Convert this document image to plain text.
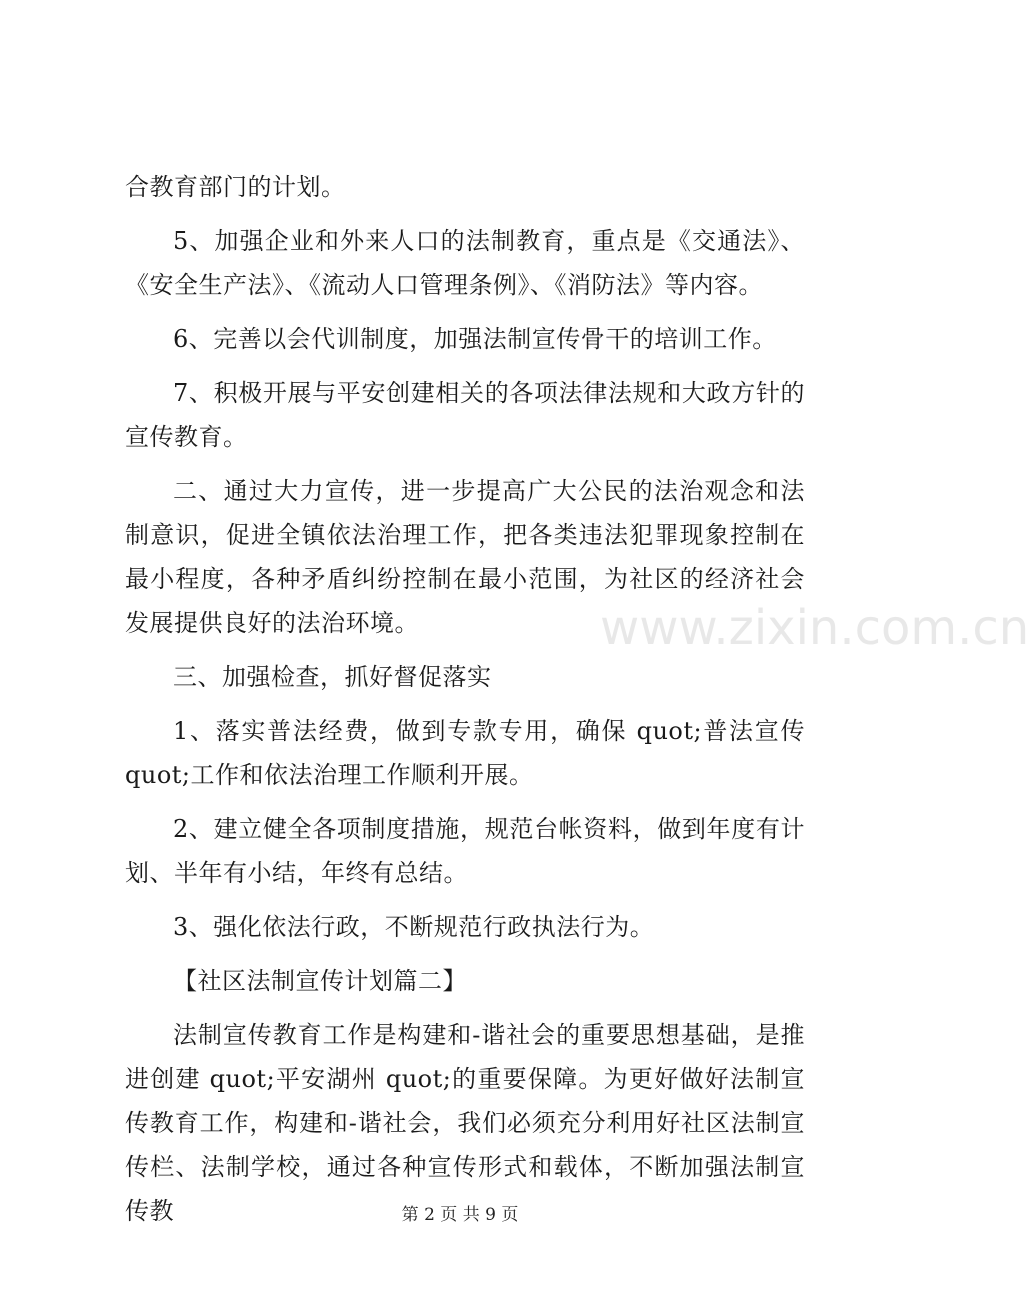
合教育部门的计划。

5、加强企业和外来人口的法制教育，重点是《交通法》、《安全生产法》、《流动人口管理条例》、《消防法》等内容。

6、完善以会代训制度，加强法制宣传骨干的培训工作。

7、积极开展与平安创建相关的各项法律法规和大政方针的宣传教育。

二、通过大力宣传，进一步提高广大公民的法治观念和法制意识，促进全镇依法治理工作，把各类违法犯罪现象控制在最小程度，各种矛盾纠纷控制在最小范围，为社区的经济社会发展提供良好的法治环境。

三、加强检查，抓好督促落实

1、落实普法经费，做到专款专用，确保 quot;普法宣传 quot;工作和依法治理工作顺利开展。

2、建立健全各项制度措施，规范台帐资料，做到年度有计划、半年有小结，年终有总结。

3、强化依法行政，不断规范行政执法行为。

【社区法制宣传计划篇二】

法制宣传教育工作是构建和-谐社会的重要思想基础，是推进创建 quot;平安湖州 quot;的重要保障。为更好做好法制宣传教育工作，构建和-谐社会，我们必须充分利用好社区法制宣传栏、法制学校，通过各种宣传形式和载体，不断加强法制宣传教

www.zixin.com.cn
第 2 页 共 9 页
